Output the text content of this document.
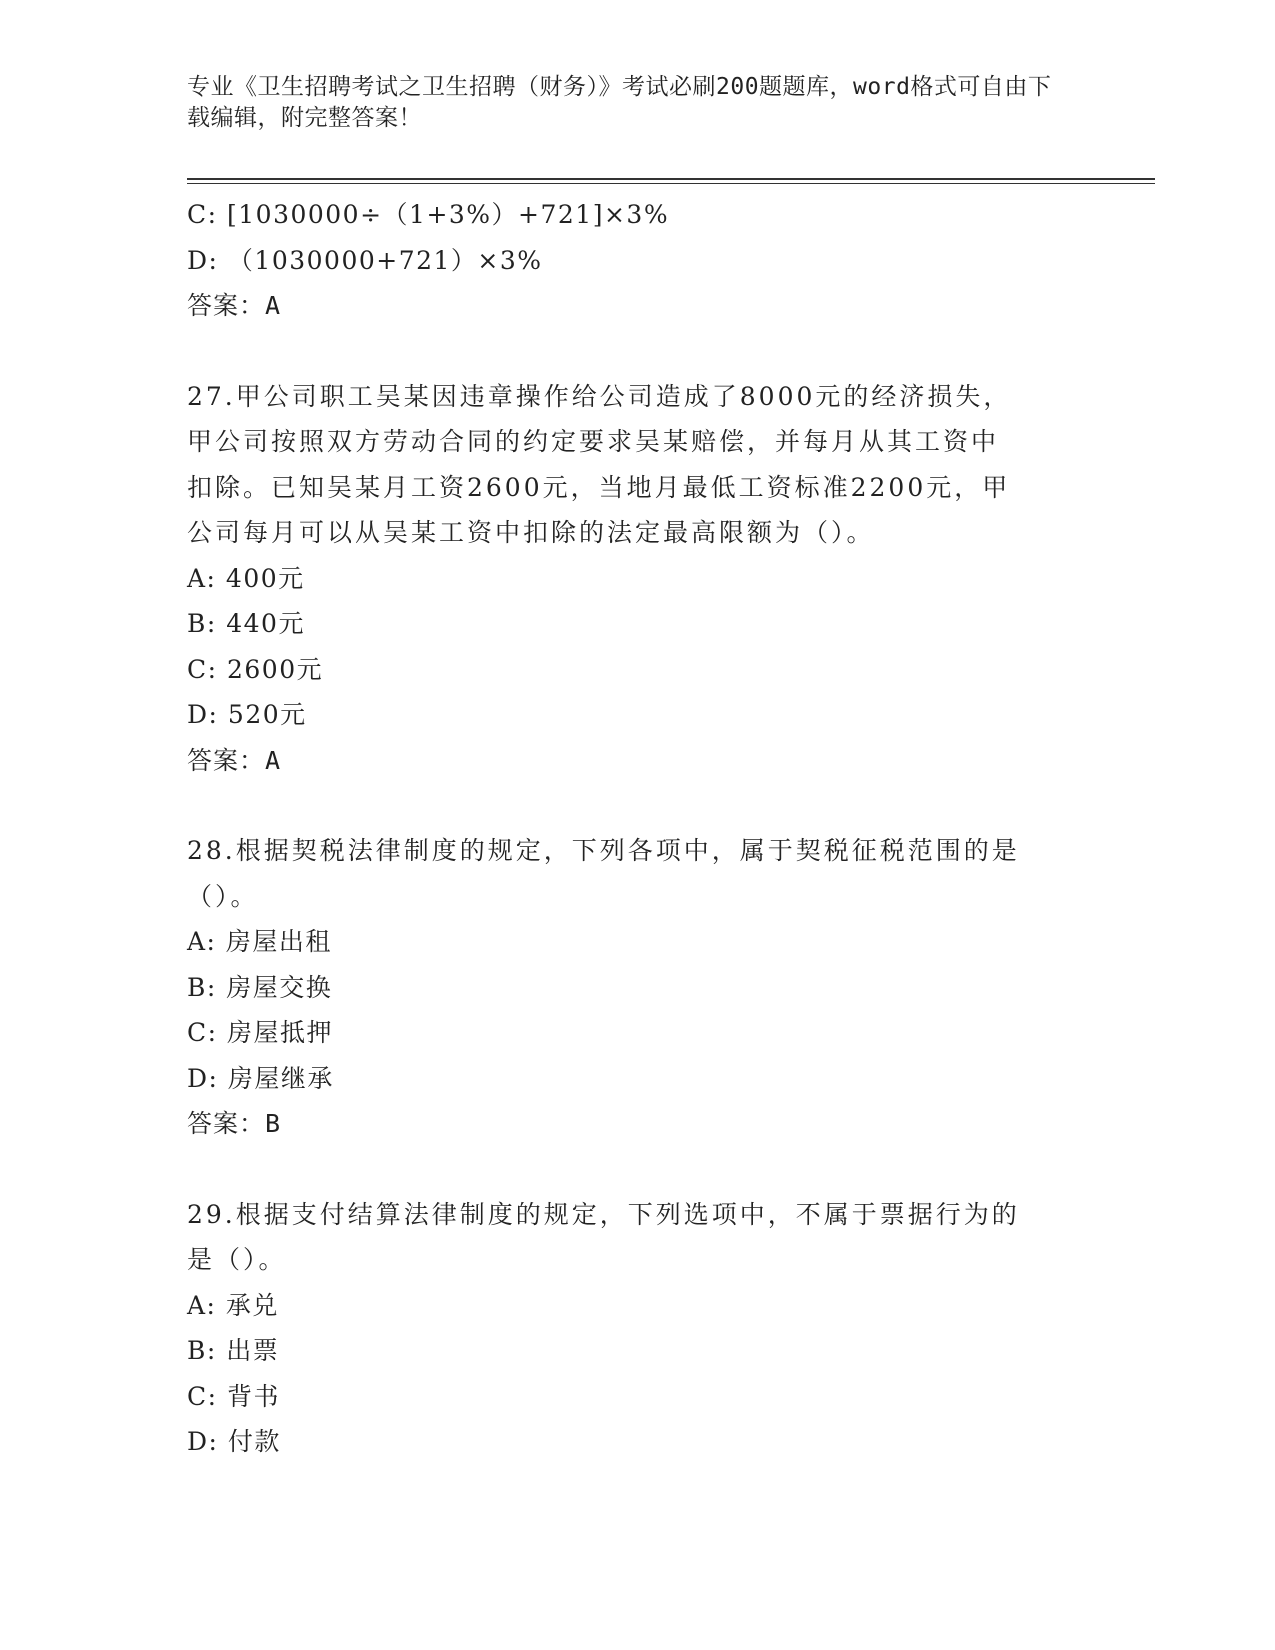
专业《卫生招聘考试之卫生招聘（财务）》考试必刷200题题库，word格式可自由下载编辑，附完整答案！
C: [1030000÷（1+3%）+721]×3%
D: （1030000+721）×3%
答案：A
27.甲公司职工吴某因违章操作给公司造成了8000元的经济损失，甲公司按照双方劳动合同的约定要求吴某赔偿，并每月从其工资中扣除。已知吴某月工资2600元，当地月最低工资标准2200元，甲公司每月可以从吴某工资中扣除的法定最高限额为（）。
A: 400元
B: 440元
C: 2600元
D: 520元
答案：A
28.根据契税法律制度的规定，下列各项中，属于契税征税范围的是（）。
A: 房屋出租
B: 房屋交换
C: 房屋抵押
D: 房屋继承
答案：B
29.根据支付结算法律制度的规定，下列选项中，不属于票据行为的是（）。
A: 承兑
B: 出票
C: 背书
D: 付款
